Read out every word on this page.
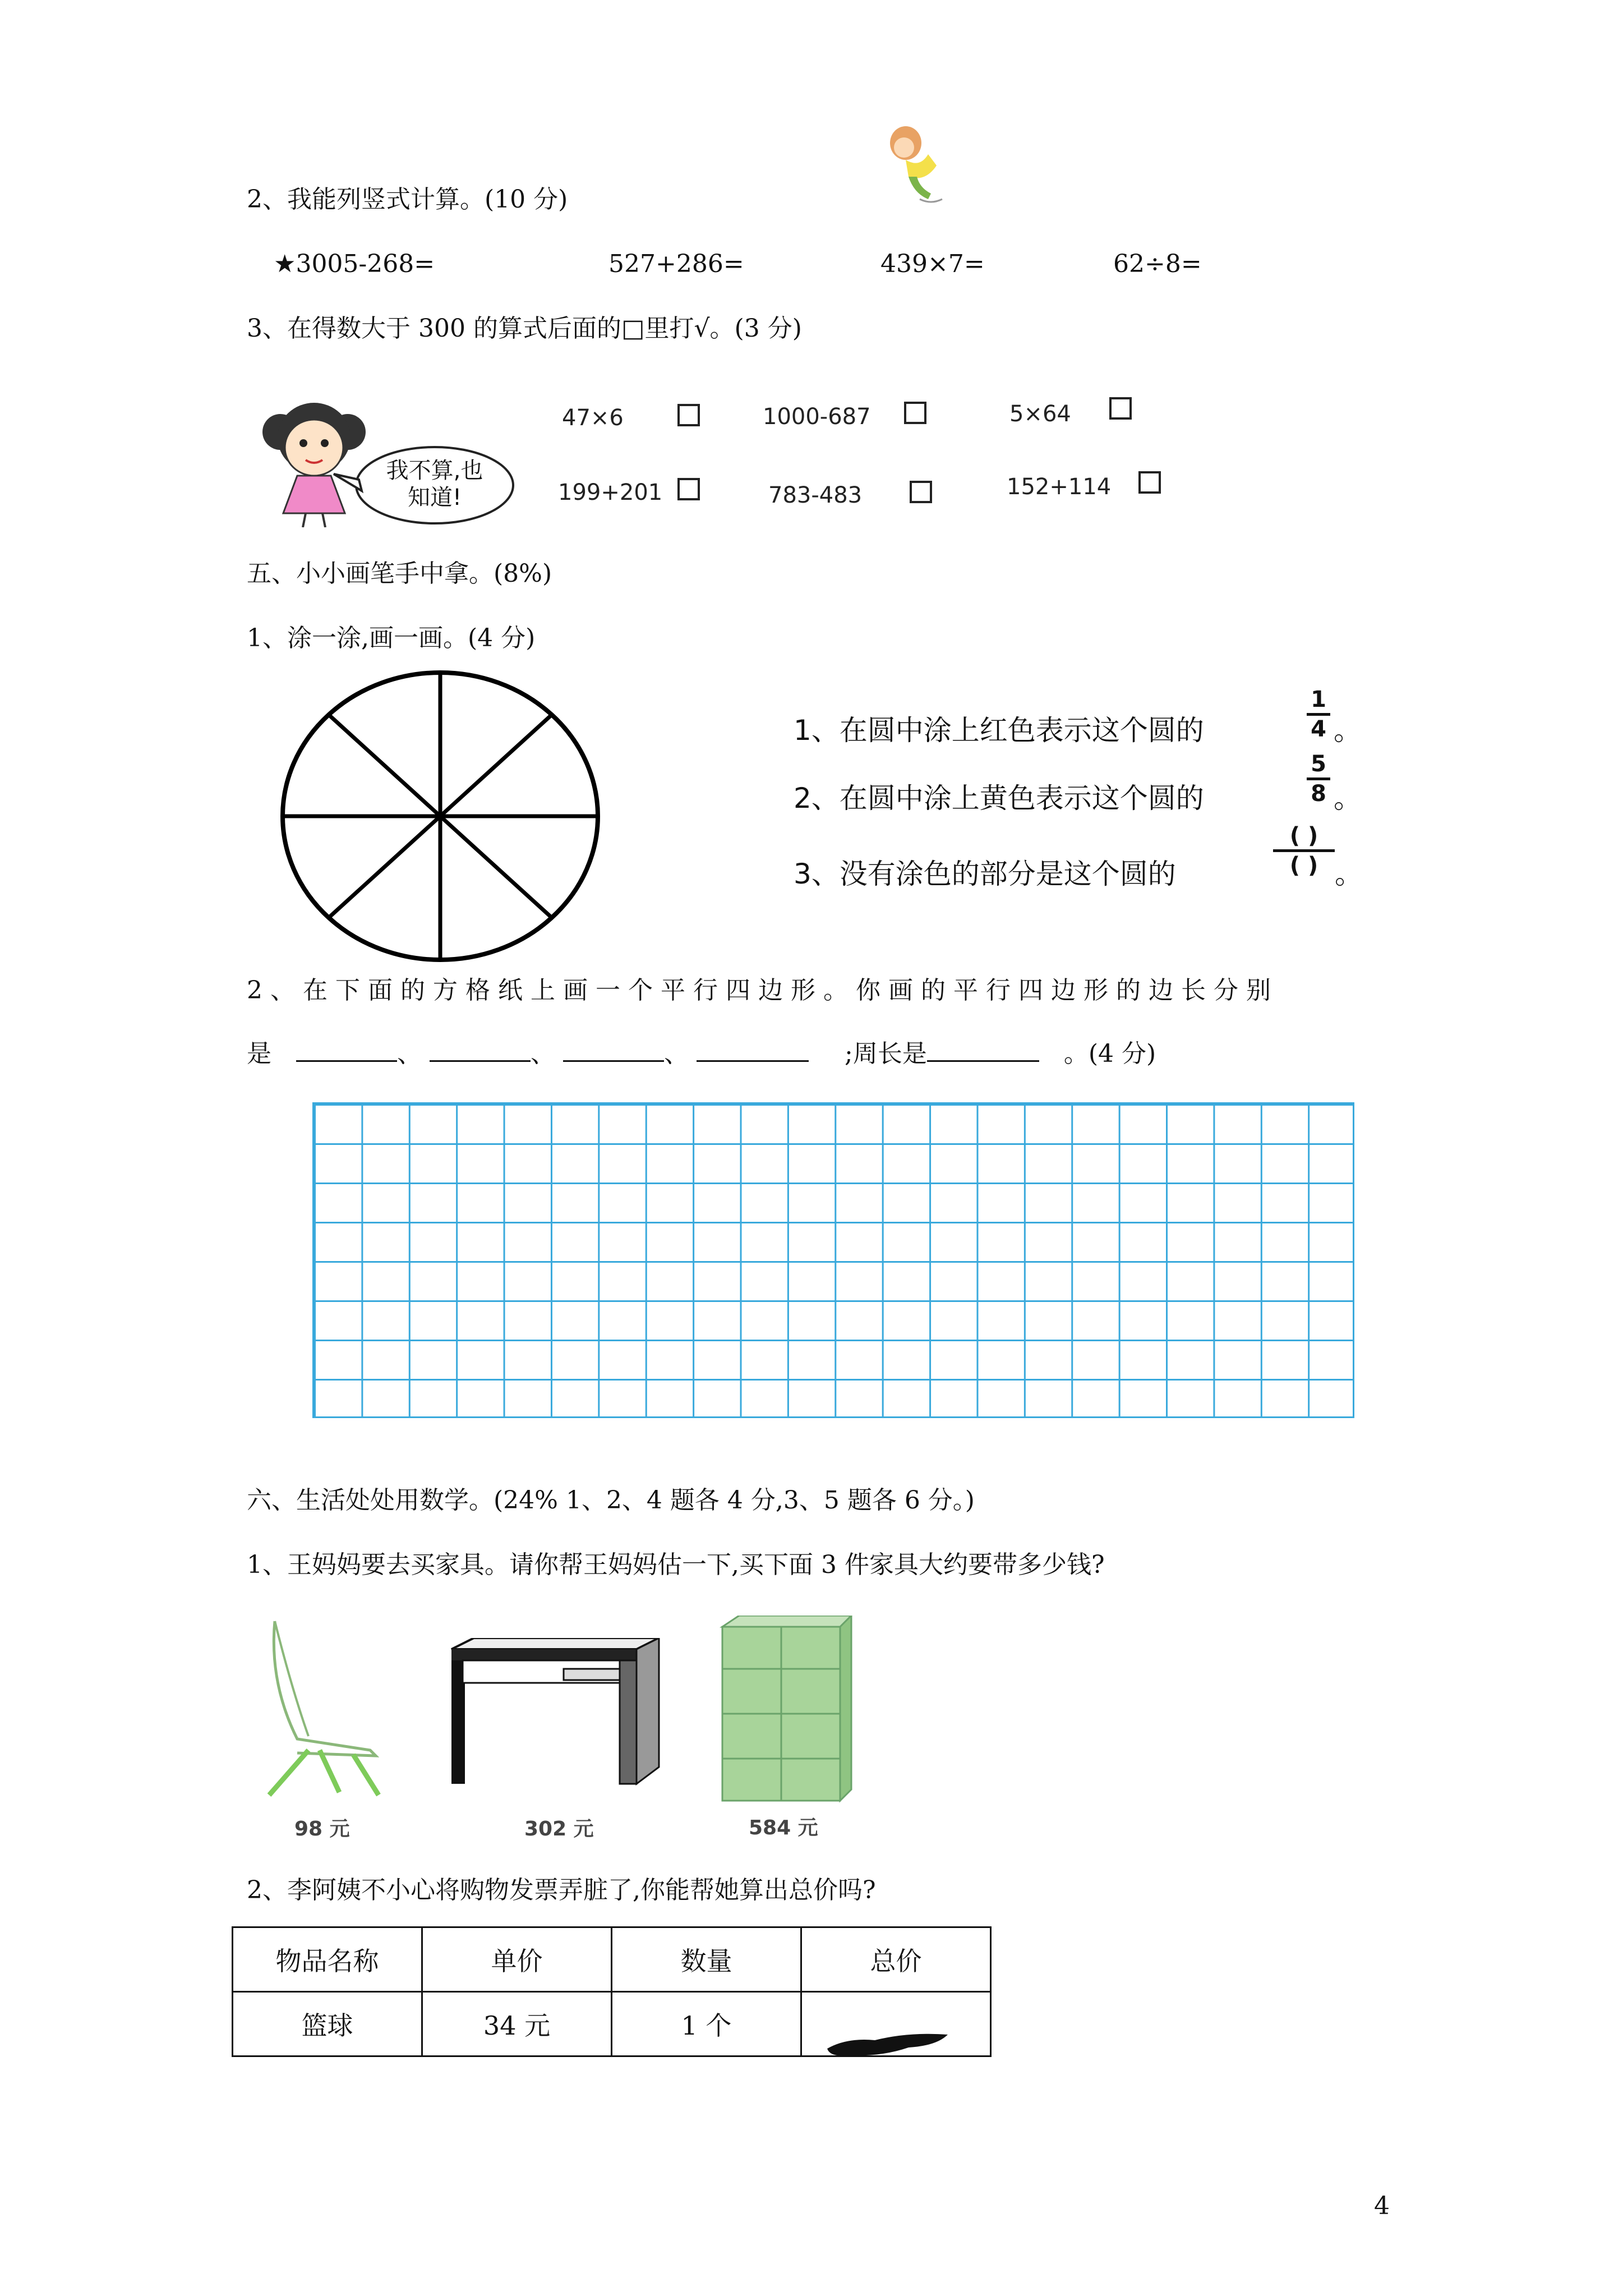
2、我能列竖式计算。(10 分)
★3005-268=	527+286=	439×7=	62÷8=
3、在得数大于 300 的算式后面的□里打√。(3 分)
我不算,也
知道!
47×6	1000-687	5×64
199+201	783-483	152+114
五、小小画笔手中拿。(8%)
1、涂一涂,画一画。(4 分)
1、在圆中涂上红色表示这个圆的
1
4 。
2、在圆中涂上黄色表示这个圆的
5
8 。
3、没有涂色的部分是这个圆的
( )
( ) 。
2、在下面的方格纸上画一个平行四边形。你画的平行四边形的边长分别
是	、	、	、	;周长是	。(4 分)
六、生活处处用数学。(24% 1、2、4 题各 4 分,3、5 题各 6 分。)
1、王妈妈要去买家具。请你帮王妈妈估一下,买下面 3 件家具大约要带多少钱?
98 元	302 元	584 元
2、李阿姨不小心将购物发票弄脏了,你能帮她算出总价吗?
物品名称	单价	数量	总价
篮球	34 元	1 个	
4
